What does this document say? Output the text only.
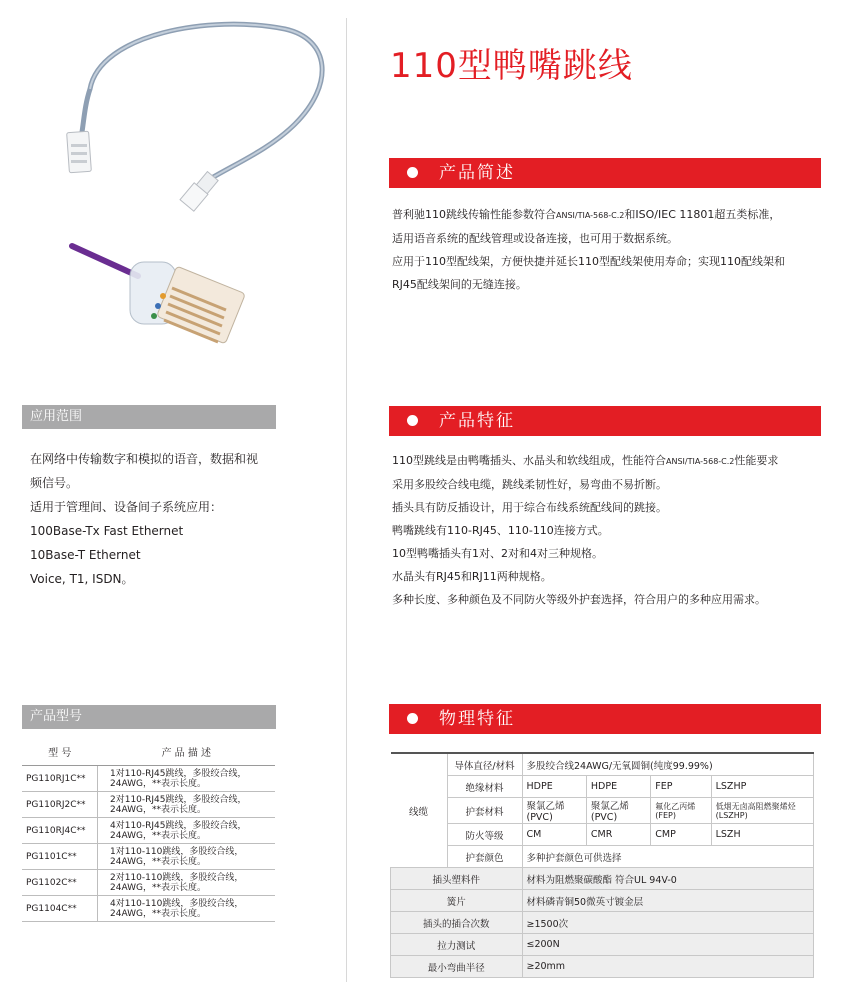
110型鸭嘴跳线
产品简述

普利驰110跳线传输性能参数符合ANSI/TIA-568-C.2和ISO/IEC 11801超五类标准，

适用语音系统的配线管理或设备连接，也可用于数据系统。

应用于110型配线架，方便快捷并延长110型配线架使用寿命；实现110配线架和

RJ45配线架间的无缝连接。

产品特征

110型跳线是由鸭嘴插头、水晶头和软线组成，性能符合ANSI/TIA-568-C.2性能要求

采用多股绞合线电缆，跳线柔韧性好，易弯曲不易折断。

插头具有防反插设计，用于综合布线系统配线间的跳接。

鸭嘴跳线有110-RJ45、110-110连接方式。

10型鸭嘴插头有1对、2对和4对三种规格。

水晶头有RJ45和RJ11两种规格。

多种长度、多种颜色及不同防火等级外护套选择，符合用户的多种应用需求。

物理特征
线缆	导体直径/材料	多股绞合线24AWG/无氧圆铜(纯度99.99%)			
	绝缘材料	HDPE	HDPE	FEP	LSZHP
	护套材料	聚氯乙烯(PVC)	聚氯乙烯(PVC)	氟化乙丙烯(FEP)	低烟无卤高阻燃聚烯烃(LSZHP)
	防火等级	CM	CMR	CMP	LSZH
	护套颜色	多种护套颜色可供选择			
插头塑料件		材料为阻燃聚碳酸酯 符合UL 94V-0			
簧片		材料磷青铜50微英寸镀金层			
插头的插合次数		≥1500次			
拉力测试		≤200N			
最小弯曲半径		≥20mm			
应用范围

在网络中传输数字和模拟的语音，数据和视

频信号。

适用于管理间、设备间子系统应用：

100Base-Tx Fast Ethernet

10Base-T Ethernet

Voice, T1, ISDN。

产品型号
型 号	产 品 描 述
PG110RJ1C**	1对110-RJ45跳线，多股绞合线，
24AWG，**表示长度。

PG110RJ2C**	2对110-RJ45跳线，多股绞合线，
24AWG，**表示长度。

PG110RJ4C**	4对110-RJ45跳线，多股绞合线，
24AWG，**表示长度。

PG1101C**	1对110-110跳线，多股绞合线，
24AWG，**表示长度。

PG1102C**	2对110-110跳线，多股绞合线，
24AWG，**表示长度。

PG1104C**	4对110-110跳线，多股绞合线，
24AWG，**表示长度。
